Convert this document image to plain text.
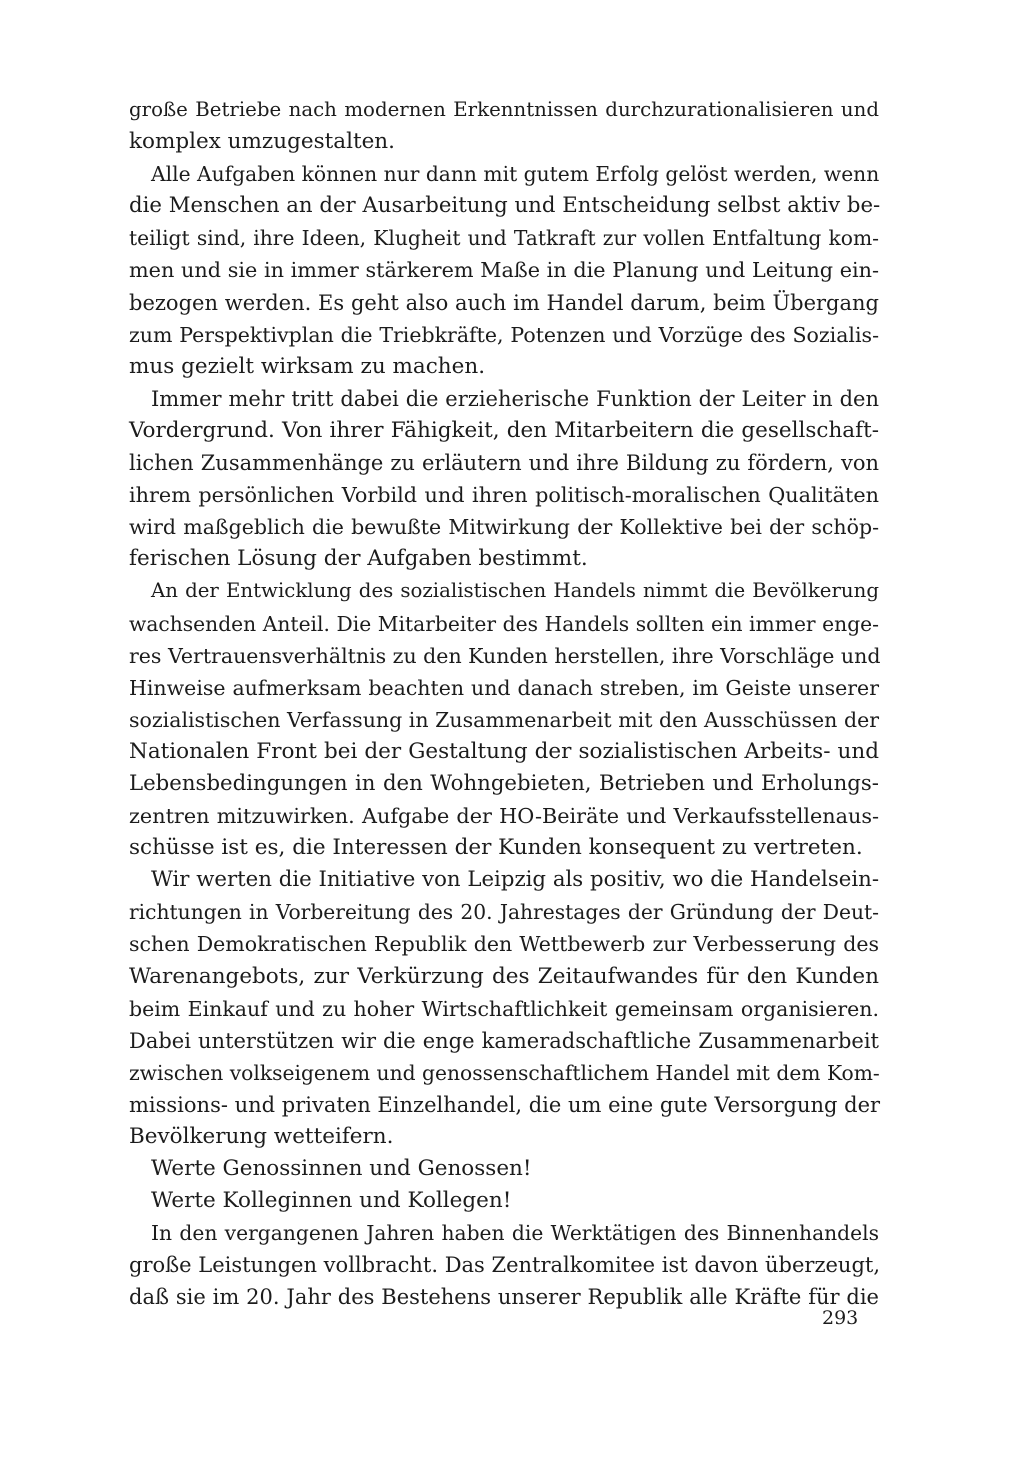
große Betriebe nach modernen Erkenntnissen durchzurationalisieren und
komplex umzugestalten.
Alle Aufgaben können nur dann mit gutem Erfolg gelöst werden, wenn
die Menschen an der Ausarbeitung und Entscheidung selbst aktiv be-
teiligt sind, ihre Ideen, Klugheit und Tatkraft zur vollen Entfaltung kom-
men und sie in immer stärkerem Maße in die Planung und Leitung ein-
bezogen werden. Es geht also auch im Handel darum, beim Übergang
zum Perspektivplan die Triebkräfte, Potenzen und Vorzüge des Sozialis-
mus gezielt wirksam zu machen.
Immer mehr tritt dabei die erzieherische Funktion der Leiter in den
Vordergrund. Von ihrer Fähigkeit, den Mitarbeitern die gesellschaft-
lichen Zusammenhänge zu erläutern und ihre Bildung zu fördern, von
ihrem persönlichen Vorbild und ihren politisch-moralischen Qualitäten
wird maßgeblich die bewußte Mitwirkung der Kollektive bei der schöp-
ferischen Lösung der Aufgaben bestimmt.
An der Entwicklung des sozialistischen Handels nimmt die Bevölkerung
wachsenden Anteil. Die Mitarbeiter des Handels sollten ein immer enge-
res Vertrauensverhältnis zu den Kunden herstellen, ihre Vorschläge und
Hinweise aufmerksam beachten und danach streben, im Geiste unserer
sozialistischen Verfassung in Zusammenarbeit mit den Ausschüssen der
Nationalen Front bei der Gestaltung der sozialistischen Arbeits- und
Lebensbedingungen in den Wohngebieten, Betrieben und Erholungs-
zentren mitzuwirken. Aufgabe der HO-Beiräte und Verkaufsstellenaus-
schüsse ist es, die Interessen der Kunden konsequent zu vertreten.
Wir werten die Initiative von Leipzig als positiv, wo die Handelsein-
richtungen in Vorbereitung des 20. Jahrestages der Gründung der Deut-
schen Demokratischen Republik den Wettbewerb zur Verbesserung des
Warenangebots, zur Verkürzung des Zeitaufwandes für den Kunden
beim Einkauf und zu hoher Wirtschaftlichkeit gemeinsam organisieren.
Dabei unterstützen wir die enge kameradschaftliche Zusammenarbeit
zwischen volkseigenem und genossenschaftlichem Handel mit dem Kom-
missions- und privaten Einzelhandel, die um eine gute Versorgung der
Bevölkerung wetteifern.
Werte Genossinnen und Genossen!
Werte Kolleginnen und Kollegen!
In den vergangenen Jahren haben die Werktätigen des Binnenhandels
große Leistungen vollbracht. Das Zentralkomitee ist davon überzeugt,
daß sie im 20. Jahr des Bestehens unserer Republik alle Kräfte für die
293
